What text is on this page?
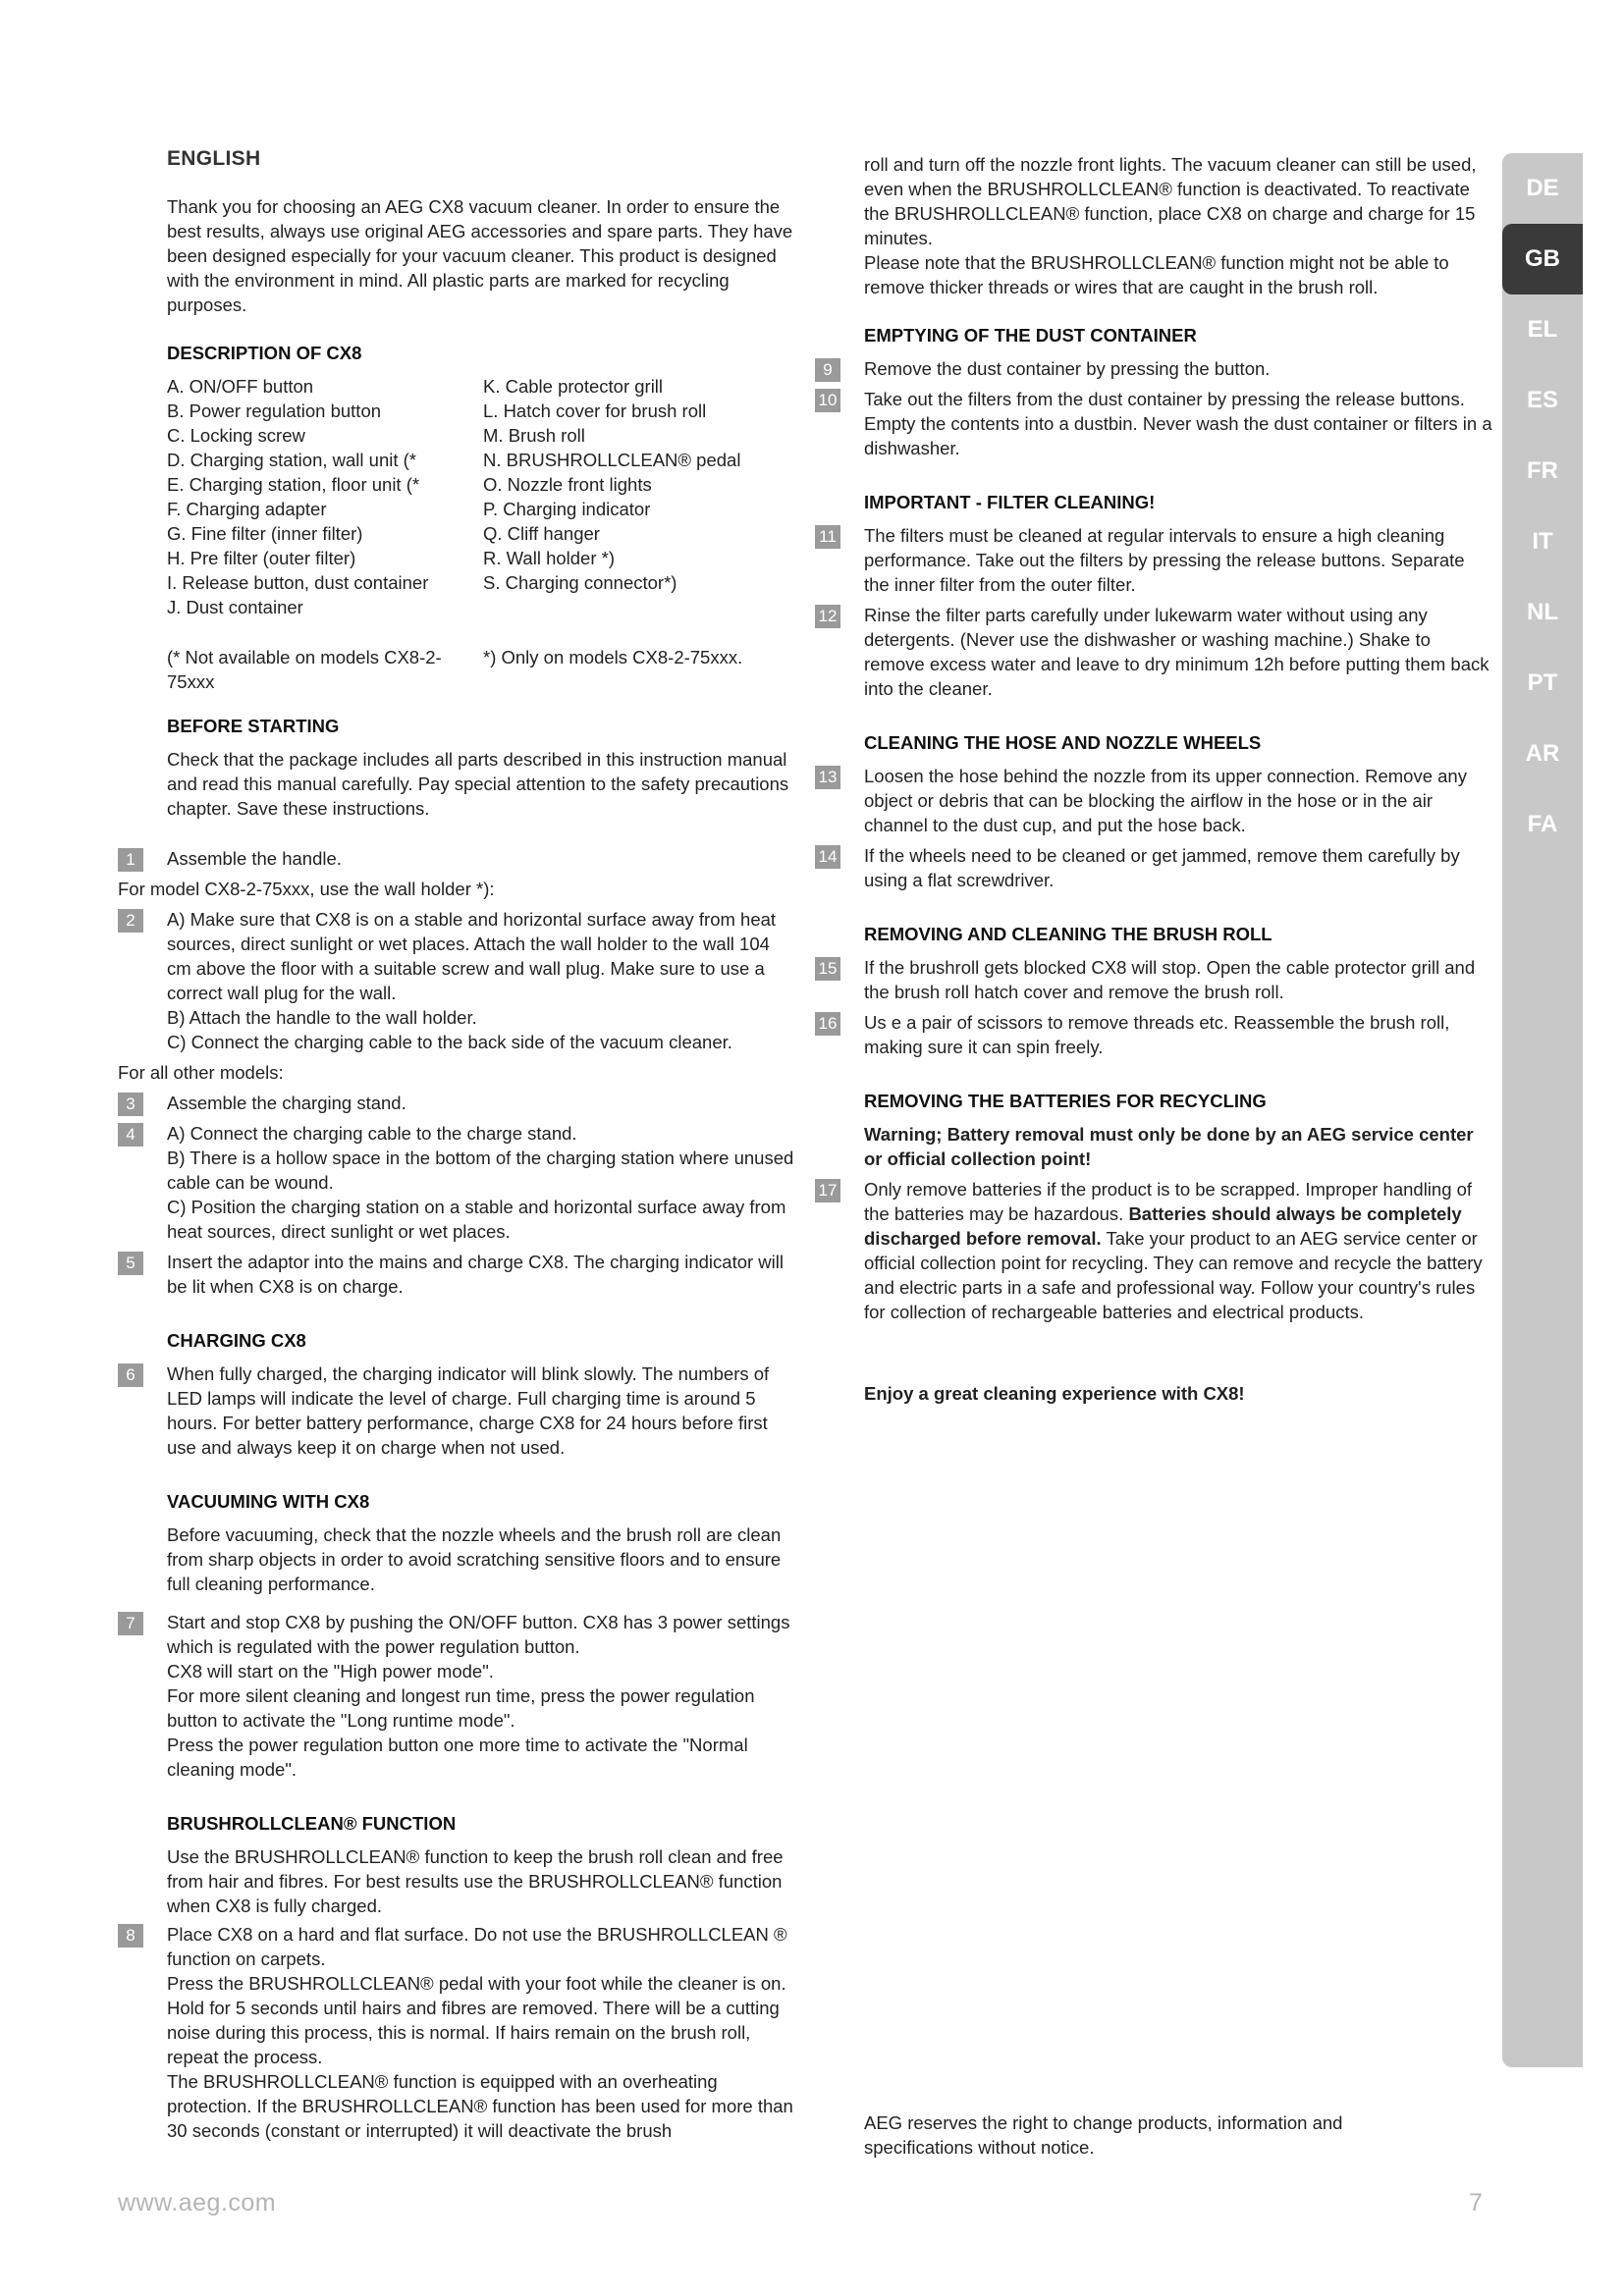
ENGLISH
Thank you for choosing an AEG CX8 vacuum cleaner. In order to ensure the best results, always use original AEG accessories and spare parts. They have been designed especially for your vacuum cleaner. This product is designed with the environment in mind. All plastic parts are marked for recycling purposes.
DESCRIPTION OF CX8
A. ON/OFF button
B. Power regulation button
C. Locking screw
D. Charging station, wall unit (*
E. Charging station, floor unit (*
F. Charging adapter
G. Fine filter (inner filter)
H. Pre filter (outer filter)
I. Release button, dust container
J. Dust container
K. Cable protector grill
L. Hatch cover for brush roll
M. Brush roll
N. BRUSHROLLCLEAN® pedal
O. Nozzle front lights
P. Charging indicator
Q. Cliff hanger
R. Wall holder *)
S. Charging connector*)
(* Not available on models CX8-2-75xxx
*) Only on models CX8-2-75xxx.
BEFORE STARTING
Check that the package includes all parts described in this instruction manual and read this manual carefully. Pay special attention to the safety precautions chapter. Save these instructions.
1	Assemble the handle.
For model CX8-2-75xxx, use the wall holder *):
2	A) Make sure that CX8 is on a stable and horizontal surface away from heat sources, direct sunlight or wet places. Attach the wall holder to the wall 104 cm above the floor with a suitable screw and wall plug. Make sure to use a correct wall plug for the wall.
B) Attach the handle to the wall holder.
C) Connect the charging cable to the back side of the vacuum cleaner.
For all other models:
3	Assemble the charging stand.
4	A) Connect the charging cable to the charge stand.
B) There is a hollow space in the bottom of the charging station where unused cable can be wound.
C) Position the charging station on a stable and horizontal surface away from heat sources, direct sunlight or wet places.
5	Insert the adaptor into the mains and charge CX8. The charging indicator will be lit when CX8 is on charge.
CHARGING CX8
6	When fully charged, the charging indicator will blink slowly. The numbers of LED lamps will indicate the level of charge. Full charging time is around 5 hours. For better battery performance, charge CX8 for 24 hours before first use and always keep it on charge when not used.
VACUUMING WITH CX8
Before vacuuming, check that the nozzle wheels and the brush roll are clean from sharp objects in order to avoid scratching sensitive floors and to ensure full cleaning performance.
7	Start and stop CX8 by pushing the ON/OFF button. CX8 has 3 power settings which is regulated with the power regulation button.
CX8 will start on the "High power mode".
For more silent cleaning and longest run time, press the power regulation button to activate the "Long runtime mode".
Press the power regulation button one more time to activate the "Normal cleaning mode".
BRUSHROLLCLEAN® FUNCTION
Use the BRUSHROLLCLEAN® function to keep the brush roll clean and free from hair and fibres. For best results use the BRUSHROLLCLEAN® function when CX8 is fully charged.
8	Place CX8 on a hard and flat surface. Do not use the BRUSHROLLCLEAN ® function on carpets.
Press the BRUSHROLLCLEAN® pedal with your foot while the cleaner is on. Hold for 5 seconds until hairs and fibres are removed. There will be a cutting noise during this process, this is normal. If hairs remain on the brush roll, repeat the process.
The BRUSHROLLCLEAN® function is equipped with an overheating protection. If the BRUSHROLLCLEAN® function has been used for more than 30 seconds (constant or interrupted) it will deactivate the brush
roll and turn off the nozzle front lights. The vacuum cleaner can still be used, even when the BRUSHROLLCLEAN® function is deactivated. To reactivate the BRUSHROLLCLEAN® function, place CX8 on charge and charge for 15 minutes.
Please note that the BRUSHROLLCLEAN® function might not be able to remove thicker threads or wires that are caught in the brush roll.
EMPTYING OF THE DUST CONTAINER
9	Remove the dust container by pressing the button.
10 Take out the filters from the dust container by pressing the release buttons. Empty the contents into a dustbin. Never wash the dust container or filters in a dishwasher.
IMPORTANT - FILTER CLEANING!
11 The filters must be cleaned at regular intervals to ensure a high cleaning performance. Take out the filters by pressing the release buttons. Separate the inner filter from the outer filter.
12 Rinse the filter parts carefully under lukewarm water without using any detergents. (Never use the dishwasher or washing machine.) Shake to remove excess water and leave to dry minimum 12h before putting them back into the cleaner.
CLEANING THE HOSE AND NOZZLE WHEELS
13 Loosen the hose behind the nozzle from its upper connection. Remove any object or debris that can be blocking the airflow in the hose or in the air channel to the dust cup, and put the hose back.
14 If the wheels need to be cleaned or get jammed, remove them carefully by using a flat screwdriver.
REMOVING AND CLEANING THE BRUSH ROLL
15 If the brushroll gets blocked CX8 will stop. Open the cable protector grill and the brush roll hatch cover and remove the brush roll.
16 Us e a pair of scissors to remove threads etc. Reassemble the brush roll, making sure it can spin freely.
REMOVING THE BATTERIES FOR RECYCLING
Warning; Battery removal must only be done by an AEG service center or official collection point!
17 Only remove batteries if the product is to be scrapped. Improper handling of the batteries may be hazardous. Batteries should always be completely discharged before removal. Take your product to an AEG service center or official collection point for recycling. They can remove and recycle the battery and electric parts in a safe and professional way. Follow your country's rules for collection of rechargeable batteries and electrical products.
Enjoy a great cleaning experience with CX8!
AEG reserves the right to change products, information and specifications without notice.
DE
GB
EL
ES
FR
IT
NL
PT
AR
FA
www.aeg.com	7
